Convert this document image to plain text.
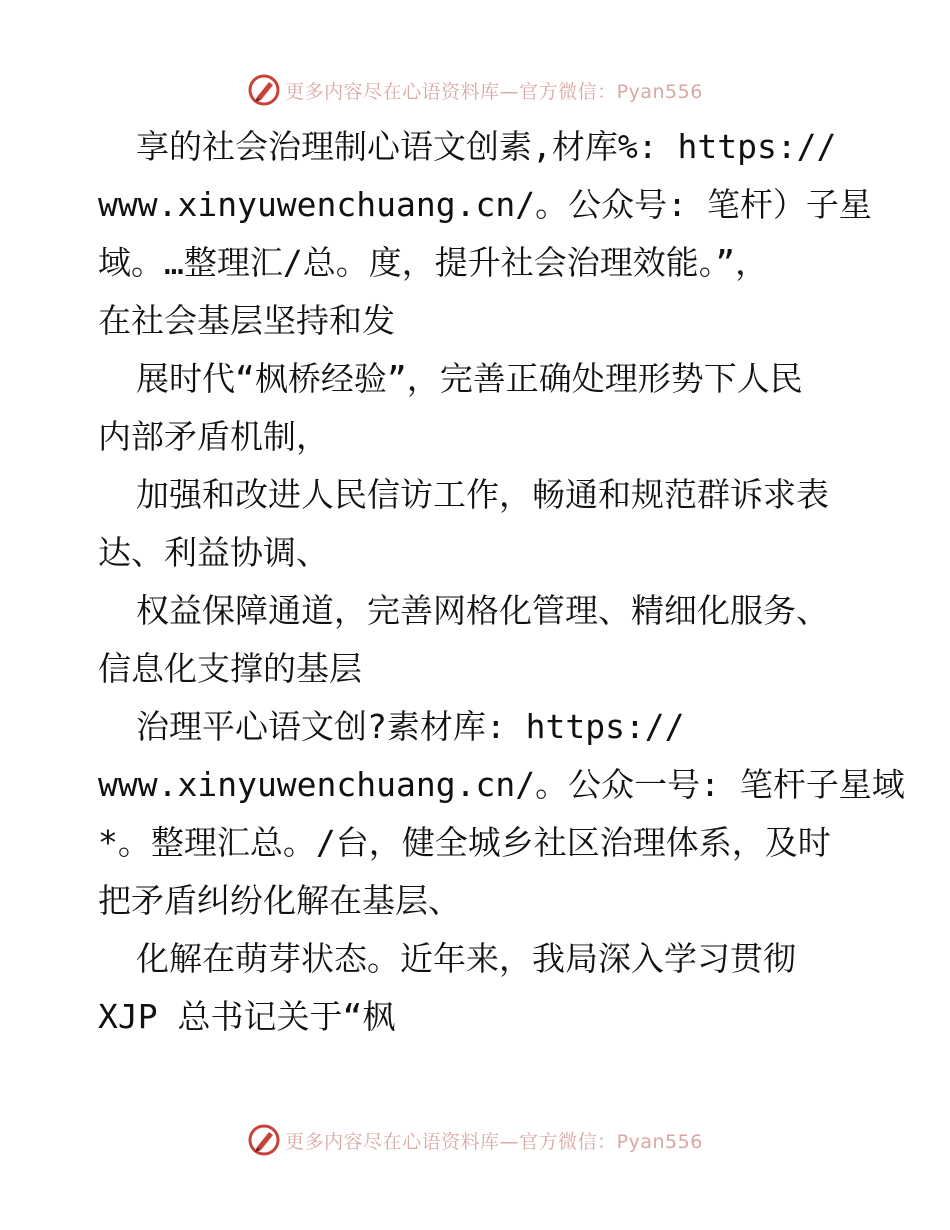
更多内容尽在心语资料库—官方微信：Pyan556
享的社会治理制心语文创素,材库%: https://
www.xinyuwenchuang.cn/。公众号: 笔杆）子星
域。…整理汇/总。度，提升社会治理效能。”，
在社会基层坚持和发
展时代“枫桥经验”，完善正确处理形势下人民
内部矛盾机制，
加强和改进人民信访工作，畅通和规范群诉求表
达、利益协调、
权益保障通道，完善网格化管理、精细化服务、
信息化支撑的基层
治理平心语文创?素材库: https://
www.xinyuwenchuang.cn/。公众一号: 笔杆子星域
*。整理汇总。/台，健全城乡社区治理体系，及时
把矛盾纠纷化解在基层、
化解在萌芽状态。近年来，我局深入学习贯彻
XJP 总书记关于“枫
更多内容尽在心语资料库—官方微信：Pyan556
